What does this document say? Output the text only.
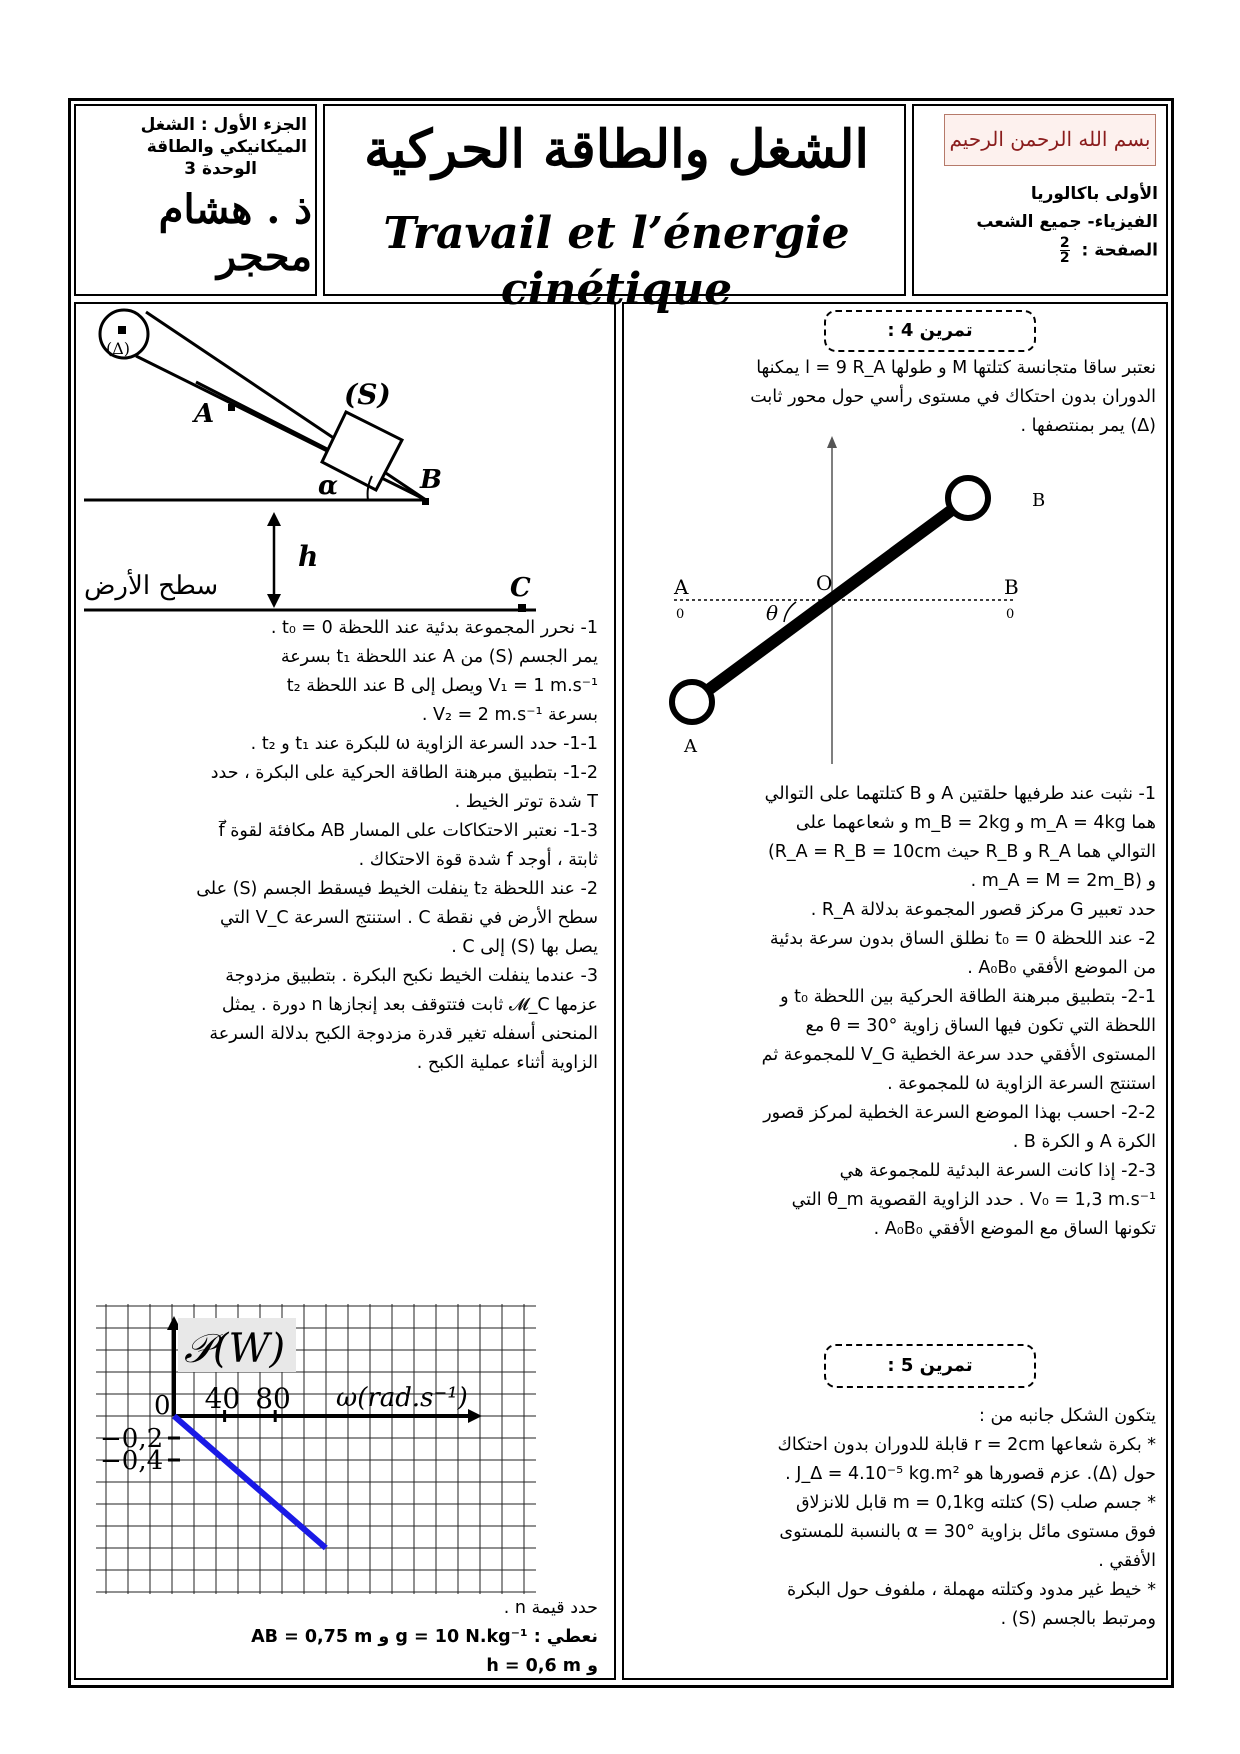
الجزء الأول : الشغل
الميكانيكي والطاقة
الوحدة 3
ذ . هشام محجر
الشغل والطاقة الحركية
Travail et l’énergie cinétique
بسم الله الرحمن الرحيم
الأولى باكالوريا
الفيزياء- جميع الشعب
الصفحة :
$\frac{2}{2}$
(Δ)
(S)
A
B
α
h
سطح الأرض	C

1- نحرر المجموعة بدئية عند اللحظة t₀ = 0 .

يمر الجسم (S) من A عند اللحظة t₁ بسرعة

V₁ = 1 m.s⁻¹ ويصل إلى B عند اللحظة t₂

بسرعة V₂ = 2 m.s⁻¹ .

1-1- حدد السرعة الزاوية ω للبكرة عند t₁ و t₂ .

1-2- بتطبيق مبرهنة الطاقة الحركية على البكرة ، حدد

T شدة توتر الخيط .

1-3- نعتبر الاحتكاكات على المسار AB مكافئة لقوة f⃗

ثابتة ، أوجد f شدة قوة الاحتكاك .

2- عند اللحظة t₂ ينفلت الخيط فيسقط الجسم (S) على

سطح الأرض في نقطة C . استنتج السرعة V_C التي

يصل بها (S) إلى C .

3- عندما ينفلت الخيط نكبح البكرة . بتطبيق مزدوجة

عزمها 𝓜_C ثابت فتتوقف بعد إنجازها n دورة . يمثل

المنحنى أسفله تغير قدرة مزدوجة الكبح بدلالة السرعة

الزاوية أثناء عملية الكبح .

40 80
0
−0,2
−0,4
𝒫(W)
ω(rad.s⁻¹)

حدد قيمة n .

نعطي : g = 10 N.kg⁻¹ و AB = 0,75 m

و h = 0,6 m

تمرين 4 :

نعتبر ساقا متجانسة كتلتها M و طولها l = 9 R_A يمكنها

الدوران بدون احتكاك في مستوى رأسي حول محور ثابت

(Δ) يمر بمنتصفها .

A
0
B
0
O
B
A
θ

1- نثبت عند طرفيها حلقتين A و B كتلتهما على التوالي

هما m_A = 4kg و m_B = 2kg و شعاعهما على

التوالي هما R_A و R_B حيث R_A = R_B = 10cm)

و (m_A = M = 2m_B .

حدد تعبير G مركز قصور المجموعة بدلالة R_A .

2- عند اللحظة t₀ = 0 نطلق الساق بدون سرعة بدئية

من الموضع الأفقي A₀B₀ .

2-1- بتطبيق مبرهنة الطاقة الحركية بين اللحظة t₀ و

اللحظة التي تكون فيها الساق زاوية θ = 30° مع

المستوى الأفقي حدد سرعة الخطية V_G للمجموعة ثم

استنتج السرعة الزاوية ω للمجموعة .

2-2- احسب بهذا الموضع السرعة الخطية لمركز قصور

الكرة A و الكرة B .

2-3- إذا كانت السرعة البدئية للمجموعة هي

V₀ = 1,3 m.s⁻¹ . حدد الزاوية القصوية θ_m التي

تكونها الساق مع الموضع الأفقي A₀B₀ .

تمرين 5 :

يتكون الشكل جانبه من :

* بكرة شعاعها r = 2cm قابلة للدوران بدون احتكاك

حول (Δ). عزم قصورها هو J_Δ = 4.10⁻⁵ kg.m² .

* جسم صلب (S) كتلته m = 0,1kg قابل للانزلاق

فوق مستوى مائل بزاوية α = 30° بالنسبة للمستوى

الأفقي .

* خيط غير مدود وكتلته مهملة ، ملفوف حول البكرة

ومرتبط بالجسم (S) .
